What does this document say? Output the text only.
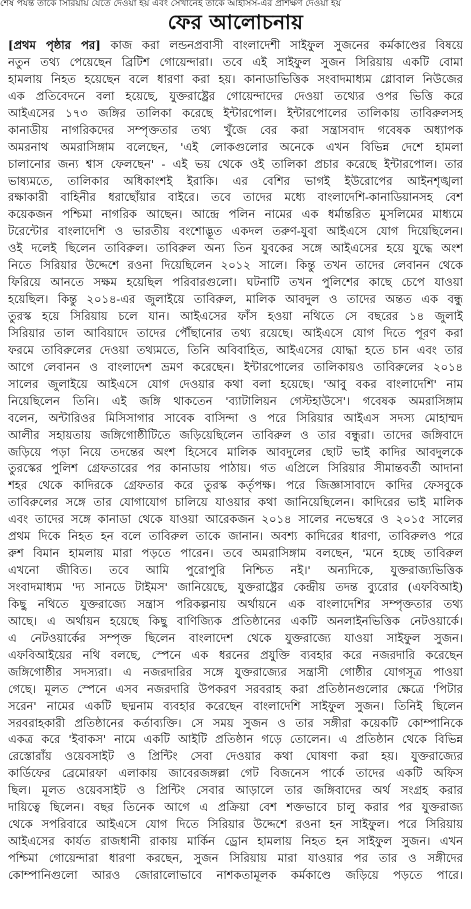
শেষ পর্যন্ত তাকে সিরিয়ায় যেতে দেওয়া হয় এবং সেখানেই তাকে আইসিস-এর প্রশিক্ষণ দেওয়া হয়
ফের আলোচনায়
[প্রথম পৃষ্ঠার পর] কাজ করা লন্ডনপ্রবাসী বাংলাদেশী সাইফুল সুজনের কর্মকাণ্ডের বিষয়ে
নতুন তথ্য পেয়েছেন ব্রিটিশ গোয়েন্দারা। তবে এই সাইফুল সুজন সিরিয়ায় একটি বোমা
হামলায় নিহত হয়েছেন বলে ধারণা করা হয়। কানাডাভিত্তিক সংবাদমাধ্যম গ্লোবাল নিউজের
এক প্রতিবেদনে বলা হয়েছে, যুক্তরাষ্ট্রের গোয়েন্দাদের দেওয়া তথ্যের ওপর ভিত্তি করে
আইএসের ১৭৩ জঙ্গির তালিকা করেছে ইন্টারপোল। ইন্টারপোলের তালিকায় তাবিরুলসহ
কানাডীয় নাগরিকদের সম্পৃক্ততার তথ্য খুঁজে বের করা সন্ত্রাসবাদ গবেষক অধ্যাপক
অমরনাথ অমরাসিঙ্গাম বলেছেন, 'এই লোকগুলোর অনেকে এখন বিভিন্ন দেশে হামলা
চালানোর জন্য শ্বাস ফেলছেন' - এই ভয় থেকে ওই তালিকা প্রচার করেছে ইন্টারপোল। তার
ভাষ্যমতে, তালিকার অধিকাংশই ইরাকি। এর বেশির ভাগই ইউরোপের আইনশৃঙ্খলা
রক্ষাকারী বাহিনীর ধরাছোঁয়ার বাইরে। তবে তাদের মধ্যে বাংলাদেশি-কানাডিয়ানসহ বেশ
কয়েকজন পশ্চিমা নাগরিক আছেন। আন্দ্রে পলিন নামের এক ধর্মান্তরিত মুসলিমের মাধ্যমে
টরেন্টোর বাংলাদেশি ও ভারতীয় বংশোদ্ভূত একদল তরুণ-যুবা আইএসে যোগ দিয়েছিলেন।
ওই দলেই ছিলেন তাবিরুল। তাবিরুল অন্য তিন যুবকের সঙ্গে আইএসের হয়ে যুদ্ধে অংশ
নিতে সিরিয়ার উদ্দেশে রওনা দিয়েছিলেন ২০১২ সালে। কিন্তু তখন তাদের লেবানন থেকে
ফিরিয়ে আনতে সক্ষম হয়েছিল পরিবারগুলো। ঘটনাটি তখন পুলিশের কাছে চেপে যাওয়া
হয়েছিল। কিন্তু ২০১৪-এর জুলাইয়ে তাবিরুল, মালিক আবদুল ও তাদের অন্তত এক বন্ধু
তুরস্ক হয়ে সিরিয়ায় চলে যান। আইএসের ফাঁস হওয়া নথিতে সে বছরের ১৪ জুলাই
সিরিয়ার তাল আবিয়াদে তাদের পৌঁছানোর তথ্য রয়েছে। আইএসে যোগ দিতে পূরণ করা
ফরমে তাবিরুলের দেওয়া তথ্যমতে, তিনি অবিবাহিত, আইএসের যোদ্ধা হতে চান এবং তার
আগে লেবানন ও বাংলাদেশ ভ্রমণ করেছেন। ইন্টারপোলের তালিকায়ও তাবিরুলের ২০১৪
সালের জুলাইয়ে আইএসে যোগ দেওয়ার কথা বলা হয়েছে। 'আবু বকর বাংলাদেশি' নাম
নিয়েছিলেন তিনি। এই জঙ্গি থাকতেন 'ব্যাটালিয়ন গেস্টহাউসে'। গবেষক অমরাসিঙ্গাম
বলেন, অন্টারিওর মিসিসাগার সাবেক বাসিন্দা ও পরে সিরিয়ার আইএস সদস্য মোহাম্মদ
আলীর সহায়তায় জঙ্গিগোষ্ঠীটিতে জড়িয়েছিলেন তাবিরুল ও তার বন্ধুরা। তাদের জঙ্গিবাদে
জড়িয়ে পড়া নিয়ে তদন্তের অংশ হিসেবে মালিক আবদুলের ছোট ভাই কাদির আবদুলকে
তুরস্কের পুলিশ গ্রেফতারের পর কানাডায় পাঠায়। গত এপ্রিলে সিরিয়ার সীমান্তবর্তী আদানা
শহর থেকে কাদিরকে গ্রেফতার করে তুরস্ক কর্তৃপক্ষ। পরে জিজ্ঞাসাবাদে কাদির ফেসবুকে
তাবিরুলের সঙ্গে তার যোগাযোগ চালিয়ে যাওয়ার কথা জানিয়েছিলেন। কাদিরের ভাই মালিক
এবং তাদের সঙ্গে কানাডা থেকে যাওয়া আরেকজন ২০১৪ সালের নভেম্বরে ও ২০১৫ সালের
প্রথম দিকে নিহত হন বলে তাবিরুল তাকে জানান। অবশ্য কাদিরের ধারণা, তাবিরুলও পরে
রুশ বিমান হামলায় মারা পড়তে পারেন। তবে অমরাসিঙ্গাম বলছেন, 'মনে হচ্ছে তাবিরুল
এখনো জীবিত। তবে আমি পুরোপুরি নিশ্চিত নই।' অন্যদিকে, যুক্তরাজ্যভিত্তিক
সংবাদমাধ্যম 'দ্য সানডে টাইমস' জানিয়েছে, যুক্তরাষ্ট্রের কেন্দ্রীয় তদন্ত ব্যুরোর (এফবিআই)
কিছু নথিতে যুক্তরাজ্যে সন্ত্রাস পরিকল্পনায় অর্থায়নে এক বাংলাদেশির সম্পৃক্ততার তথ্য
আছে। এ অর্থায়ন হয়েছে কিছু বাণিজ্যিক প্রতিষ্ঠানের একটি অনলাইনভিত্তিক নেটওয়ার্কে।
এ নেটওয়ার্কের সম্পৃক্ত ছিলেন বাংলাদেশ থেকে যুক্তরাজ্যে যাওয়া সাইফুল সুজন।
এফবিআইয়ের নথি বলছে, স্পেনে এক ধরনের প্রযুক্তি ব্যবহার করে নজরদারি করেছেন
জঙ্গিগোষ্ঠীর সদস্যরা। এ নজরদারির সঙ্গে যুক্তরাজ্যের সন্ত্রাসী গোষ্ঠীর যোগসূত্র পাওয়া
গেছে। মূলত স্পেনে এসব নজরদারি উপকরণ সরবরাহ করা প্রতিষ্ঠানগুলোর ক্ষেত্রে 'পিটার
সরেন' নামের একটি ছদ্মনাম ব্যবহার করেছেন বাংলাদেশি সাইফুল সুজন। তিনিই ছিলেন
সরবরাহকারী প্রতিষ্ঠানের কর্তাব্যক্তি। সে সময় সুজন ও তার সঙ্গীরা কয়েকটি কোম্পানিকে
একত্র করে 'ইবাকস' নামে একটি আইটি প্রতিষ্ঠান গড়ে তোলেন। এ প্রতিষ্ঠান থেকে বিভিন্ন
রেস্তোরাঁয় ওয়েবসাইট ও প্রিন্টিং সেবা দেওয়ার কথা ঘোষণা করা হয়। যুক্তরাজ্যের
কার্ডিফের ব্রেমোরফা এলাকায় জাবেরজঙ্গল্লা গেট বিজনেস পার্কে তাদের একটি অফিস
ছিল। মূলত ওয়েবসাইট ও প্রিন্টিং সেবার আড়ালে তার জঙ্গিবাদের অর্থ সংগ্রহ করার
দায়িত্বে ছিলেন। বছর তিনেক আগে এ প্রক্রিয়া বেশ শক্তভাবে চালু করার পর যুক্তরাজ্য
থেকে সপরিবারে আইএসে যোগ দিতে সিরিয়ার উদ্দেশে রওনা হন সাইফুল। পরে সিরিয়ায়
আইএসের কার্যত রাজধানী রাকায় মার্কিন ড্রোন হামলায় নিহত হন সাইফুল সুজন। এখন
পশ্চিমা গোয়েন্দারা ধারণা করছেন, সুজন সিরিয়ায় মারা যাওয়ার পর তার ও সঙ্গীদের
কোম্পানিগুলো আরও জোরালোভাবে নাশকতামূলক কর্মকাণ্ডে জড়িয়ে পড়তে পারে।
